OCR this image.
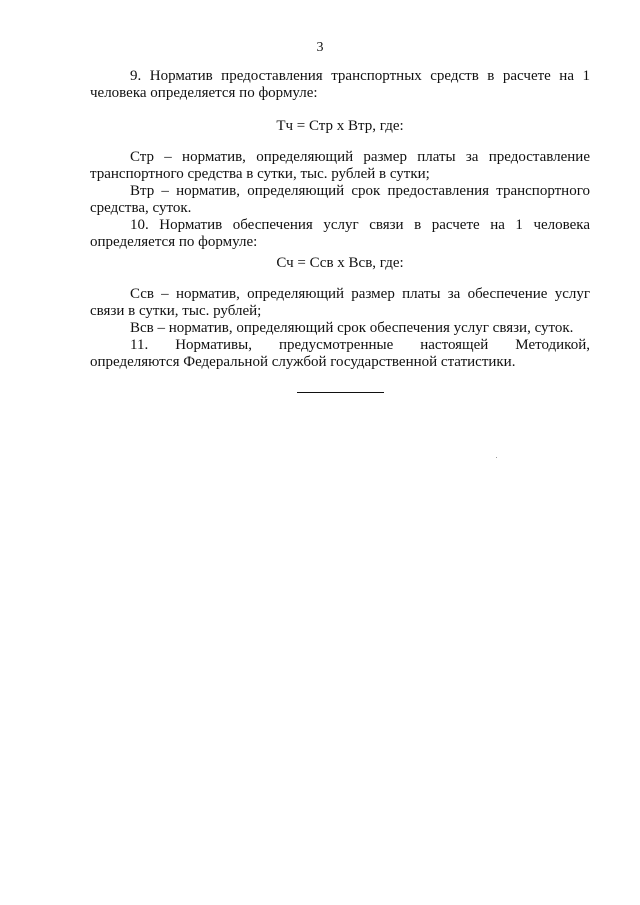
3

9. Норматив предоставления транспортных средств в расчете на 1 человека определяется по формуле:

Тч = Стр х Втр, где:

Стр – норматив, определяющий размер платы за предоставление транспортного средства в сутки, тыс. рублей в сутки;

Втр – норматив, определяющий срок предоставления транспортного средства, суток.

10. Норматив обеспечения услуг связи в расчете на 1 человека определяется по формуле:

Сч = Ссв х Всв, где:

Ссв – норматив, определяющий размер платы за обеспечение услуг связи в сутки, тыс. рублей;

Всв – норматив, определяющий срок обеспечения услуг связи, суток.

11. Нормативы, предусмотренные настоящей Методикой, определяются Федеральной службой государственной статистики.
